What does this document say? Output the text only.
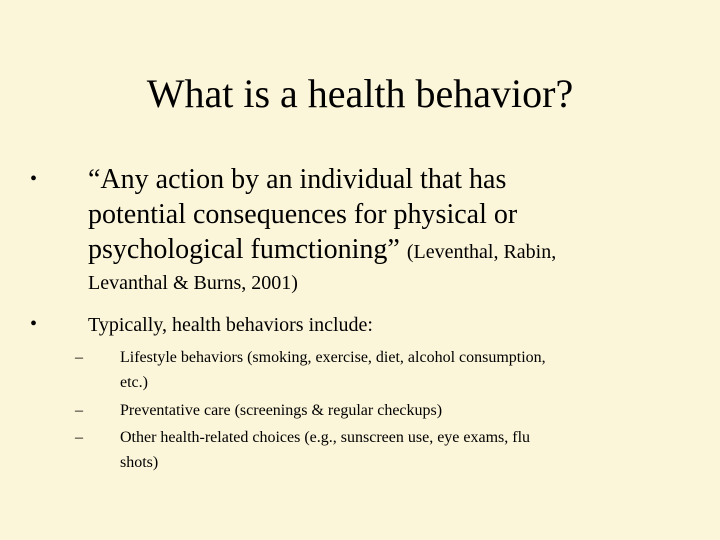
What is a health behavior?
• “Any action by an individual that has
potential consequences for physical or
psychological fumctioning” (Leventhal, Rabin,
Levanthal & Burns, 2001)
•	Typically, health behaviors include:
– Lifestyle behaviors (smoking, exercise, diet, alcohol consumption,
etc.)
– Preventative care (screenings & regular checkups)
– Other health-related choices (e.g., sunscreen use, eye exams, flu
shots)
